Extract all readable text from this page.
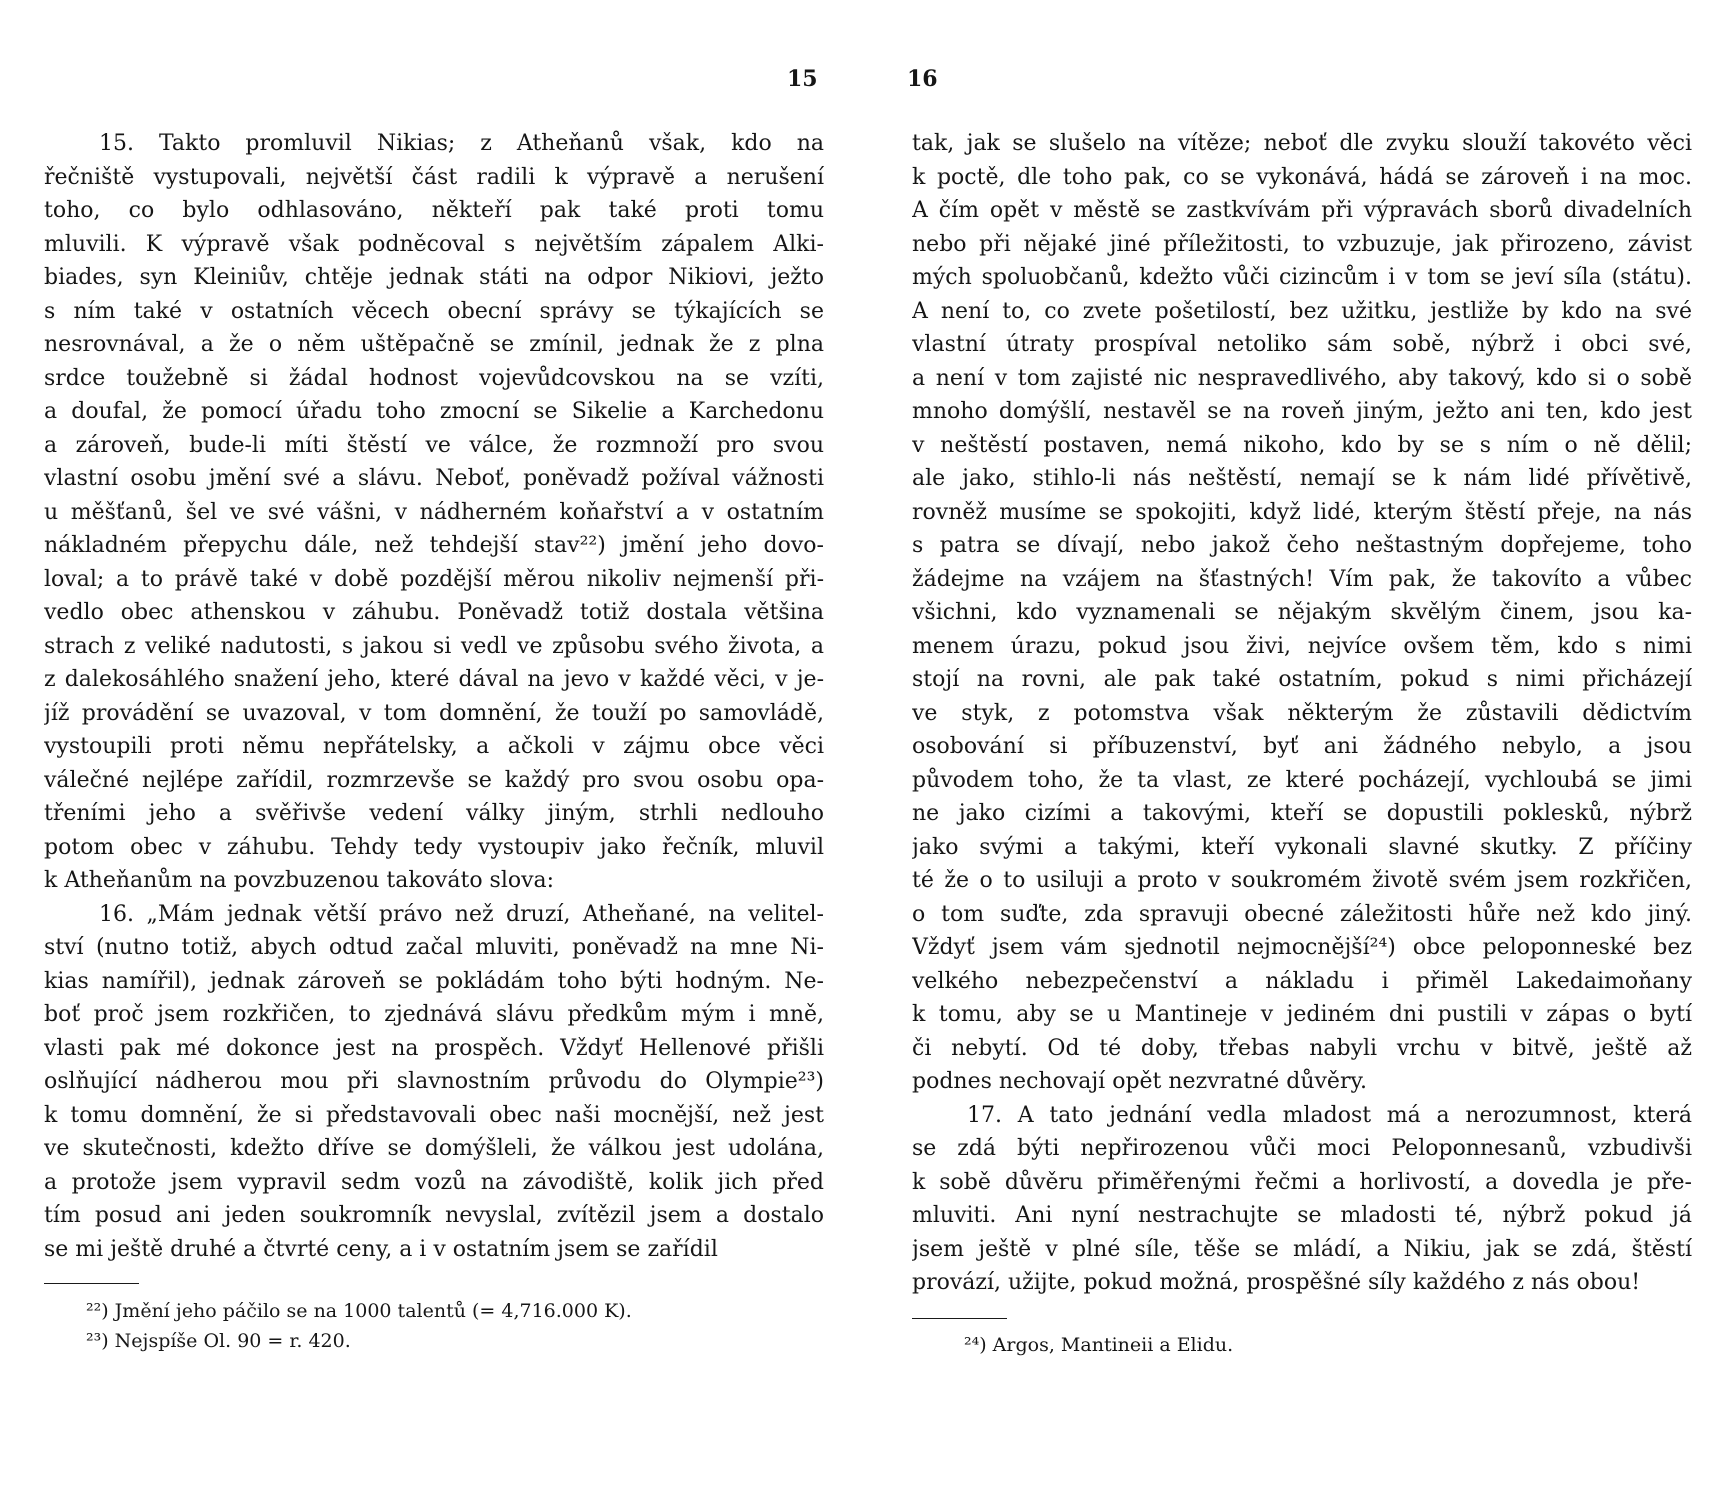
15
15. Takto promluvil Nikias; z Atheňanů však, kdo na
řečniště vystupovali, největší část radili k výpravě a nerušení
toho, co bylo odhlasováno, někteří pak také proti tomu
mluvili. K výpravě však podněcoval s největším zápalem Alki-
biades, syn Kleiniův, chtěje jednak státi na odpor Nikiovi, ježto
s ním také v ostatních věcech obecní správy se týkajících se
nesrovnával, a že o něm uštěpačně se zmínil, jednak že z plna
srdce toužebně si žádal hodnost vojevůdcovskou na se vzíti,
a doufal, že pomocí úřadu toho zmocní se Sikelie a Karchedonu
a zároveň, bude-li míti štěstí ve válce, že rozmnoží pro svou
vlastní osobu jmění své a slávu. Neboť, poněvadž požíval vážnosti
u měšťanů, šel ve své vášni, v nádherném koňařství a v ostatním
nákladném přepychu dále, než tehdejší stav²²) jmění jeho dovo-
loval; a to právě také v době pozdější měrou nikoliv nejmenší při-
vedlo obec athenskou v záhubu. Poněvadž totiž dostala většina
strach z veliké nadutosti, s jakou si vedl ve způsobu svého života, a
z dalekosáhlého snažení jeho, které dával na jevo v každé věci, v je-
jíž provádění se uvazoval, v tom domnění, že touží po samovládě,
vystoupili proti němu nepřátelsky, a ačkoli v zájmu obce věci
válečné nejlépe zařídil, rozmrzevše se každý pro svou osobu opa-
třeními jeho a svěřivše vedení války jiným, strhli nedlouho
potom obec v záhubu. Tehdy tedy vystoupiv jako řečník, mluvil
k Atheňanům na povzbuzenou takováto slova:
16. „Mám jednak větší právo než druzí, Atheňané, na velitel-
ství (nutno totiž, abych odtud začal mluviti, poněvadž na mne Ni-
kias namířil), jednak zároveň se pokládám toho býti hodným. Ne-
boť proč jsem rozkřičen, to zjednává slávu předkům mým i mně,
vlasti pak mé dokonce jest na prospěch. Vždyť Hellenové přišli
oslňující nádherou mou při slavnostním průvodu do Olympie²³)
k tomu domnění, že si představovali obec naši mocnější, než jest
ve skutečnosti, kdežto dříve se domýšleli, že válkou jest udolána,
a protože jsem vypravil sedm vozů na závodiště, kolik jich před
tím posud ani jeden soukromník nevyslal, zvítězil jsem a dostalo
se mi ještě druhé a čtvrté ceny, a i v ostatním jsem se zařídil
²²) Jmění jeho páčilo se na 1000 talentů (= 4,716.000 K).
²³) Nejspíše Ol. 90 = r. 420.
16
tak, jak se slušelo na vítěze; neboť dle zvyku slouží takovéto věci
k poctě, dle toho pak, co se vykonává, hádá se zároveň i na moc.
A čím opět v městě se zastkvívám při výpravách sborů divadelních
nebo při nějaké jiné příležitosti, to vzbuzuje, jak přirozeno, závist
mých spoluobčanů, kdežto vůči cizincům i v tom se jeví síla (státu).
A není to, co zvete pošetilostí, bez užitku, jestliže by kdo na své
vlastní útraty prospíval netoliko sám sobě, nýbrž i obci své,
a není v tom zajisté nic nespravedlivého, aby takový, kdo si o sobě
mnoho domýšlí, nestavěl se na roveň jiným, ježto ani ten, kdo jest
v neštěstí postaven, nemá nikoho, kdo by se s ním o ně dělil;
ale jako, stihlo-li nás neštěstí, nemají se k nám lidé přívětivě,
rovněž musíme se spokojiti, když lidé, kterým štěstí přeje, na nás
s patra se dívají, nebo jakož čeho neštastným dopřejeme, toho
žádejme na vzájem na šťastných! Vím pak, že takovíto a vůbec
všichni, kdo vyznamenali se nějakým skvělým činem, jsou ka-
menem úrazu, pokud jsou živi, nejvíce ovšem těm, kdo s nimi
stojí na rovni, ale pak také ostatním, pokud s nimi přicházejí
ve styk, z potomstva však některým že zůstavili dědictvím
osobování si příbuzenství, byť ani žádného nebylo, a jsou
původem toho, že ta vlast, ze které pocházejí, vychloubá se jimi
ne jako cizími a takovými, kteří se dopustili poklesků, nýbrž
jako svými a takými, kteří vykonali slavné skutky. Z příčiny
té že o to usiluji a proto v soukromém životě svém jsem rozkřičen,
o tom suďte, zda spravuji obecné záležitosti hůře než kdo jiný.
Vždyť jsem vám sjednotil nejmocnější²⁴) obce peloponneské bez
velkého nebezpečenství a nákladu i přiměl Lakedaimoňany
k tomu, aby se u Mantineje v jediném dni pustili v zápas o bytí
či nebytí. Od té doby, třebas nabyli vrchu v bitvě, ještě až
podnes nechovají opět nezvratné důvěry.
17. A tato jednání vedla mladost má a nerozumnost, která
se zdá býti nepřirozenou vůči moci Peloponnesanů, vzbudivši
k sobě důvěru přiměřenými řečmi a horlivostí, a dovedla je pře-
mluviti. Ani nyní nestrachujte se mladosti té, nýbrž pokud já
jsem ještě v plné síle, těše se mládí, a Nikiu, jak se zdá, štěstí
provází, užijte, pokud možná, prospěšné síly každého z nás obou!
²⁴) Argos, Mantineii a Elidu.
